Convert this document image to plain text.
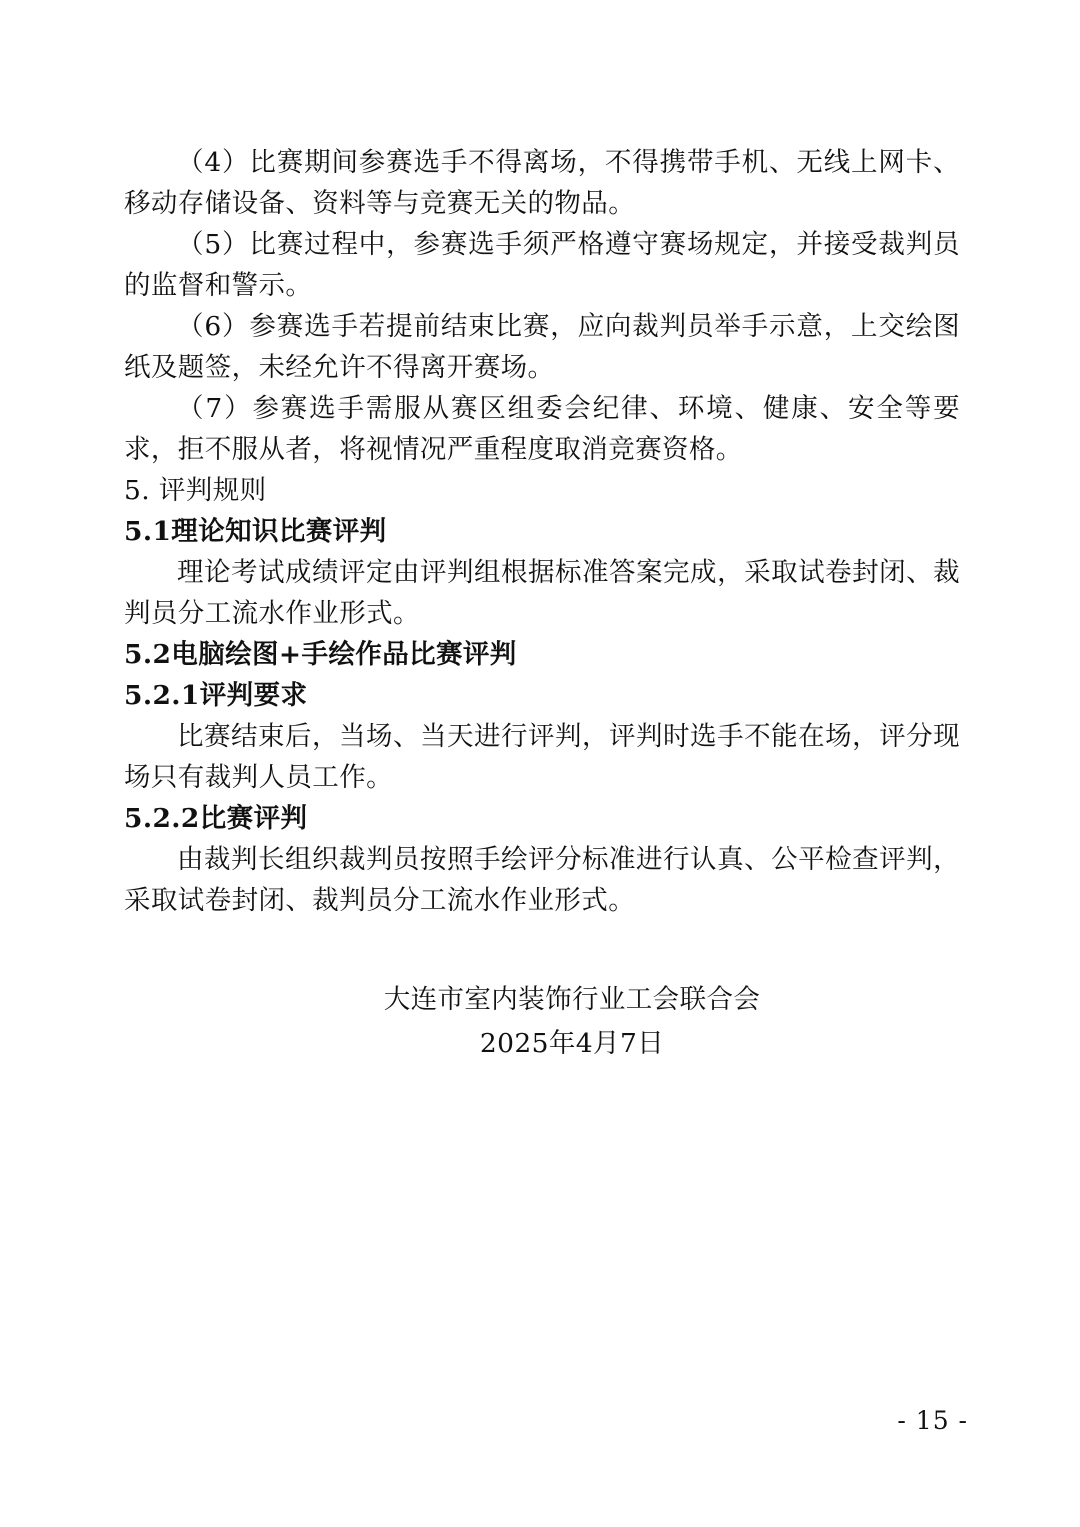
（4）比赛期间参赛选手不得离场，不得携带手机、无线上网卡、移动存储设备、资料等与竞赛无关的物品。

（5）比赛过程中，参赛选手须严格遵守赛场规定，并接受裁判员的监督和警示。

（6）参赛选手若提前结束比赛，应向裁判员举手示意，上交绘图纸及题签，未经允许不得离开赛场。

（7）参赛选手需服从赛区组委会纪律、环境、健康、安全等要求，拒不服从者，将视情况严重程度取消竞赛资格。

5. 评判规则

5.1理论知识比赛评判

理论考试成绩评定由评判组根据标准答案完成，采取试卷封闭、裁判员分工流水作业形式。

5.2电脑绘图+手绘作品比赛评判

5.2.1评判要求

比赛结束后，当场、当天进行评判，评判时选手不能在场，评分现场只有裁判人员工作。

5.2.2比赛评判

由裁判长组织裁判员按照手绘评分标准进行认真、公平检查评判，采取试卷封闭、裁判员分工流水作业形式。

大连市室内装饰行业工会联合会
2025年4月7日
- 15 -
